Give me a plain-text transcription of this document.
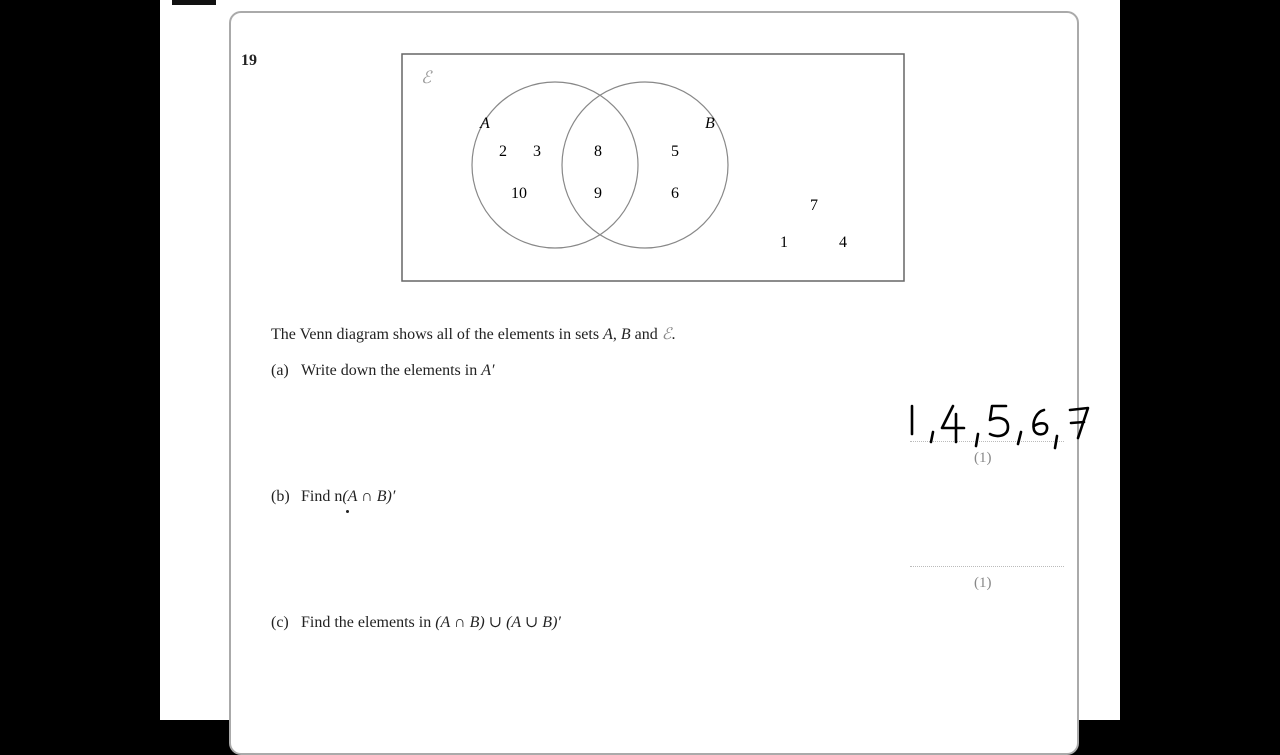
19
ℰ
A	B
2 3
10
8
9
5
6
7
1	4
The Venn diagram shows all of the elements in sets A, B and ℰ.
(a) Write down the elements in A′
(b) Find n(A ∩ B)′
(c) Find the elements in (A ∩ B) ∪ (A ∪ B)′
(1)
(1)
